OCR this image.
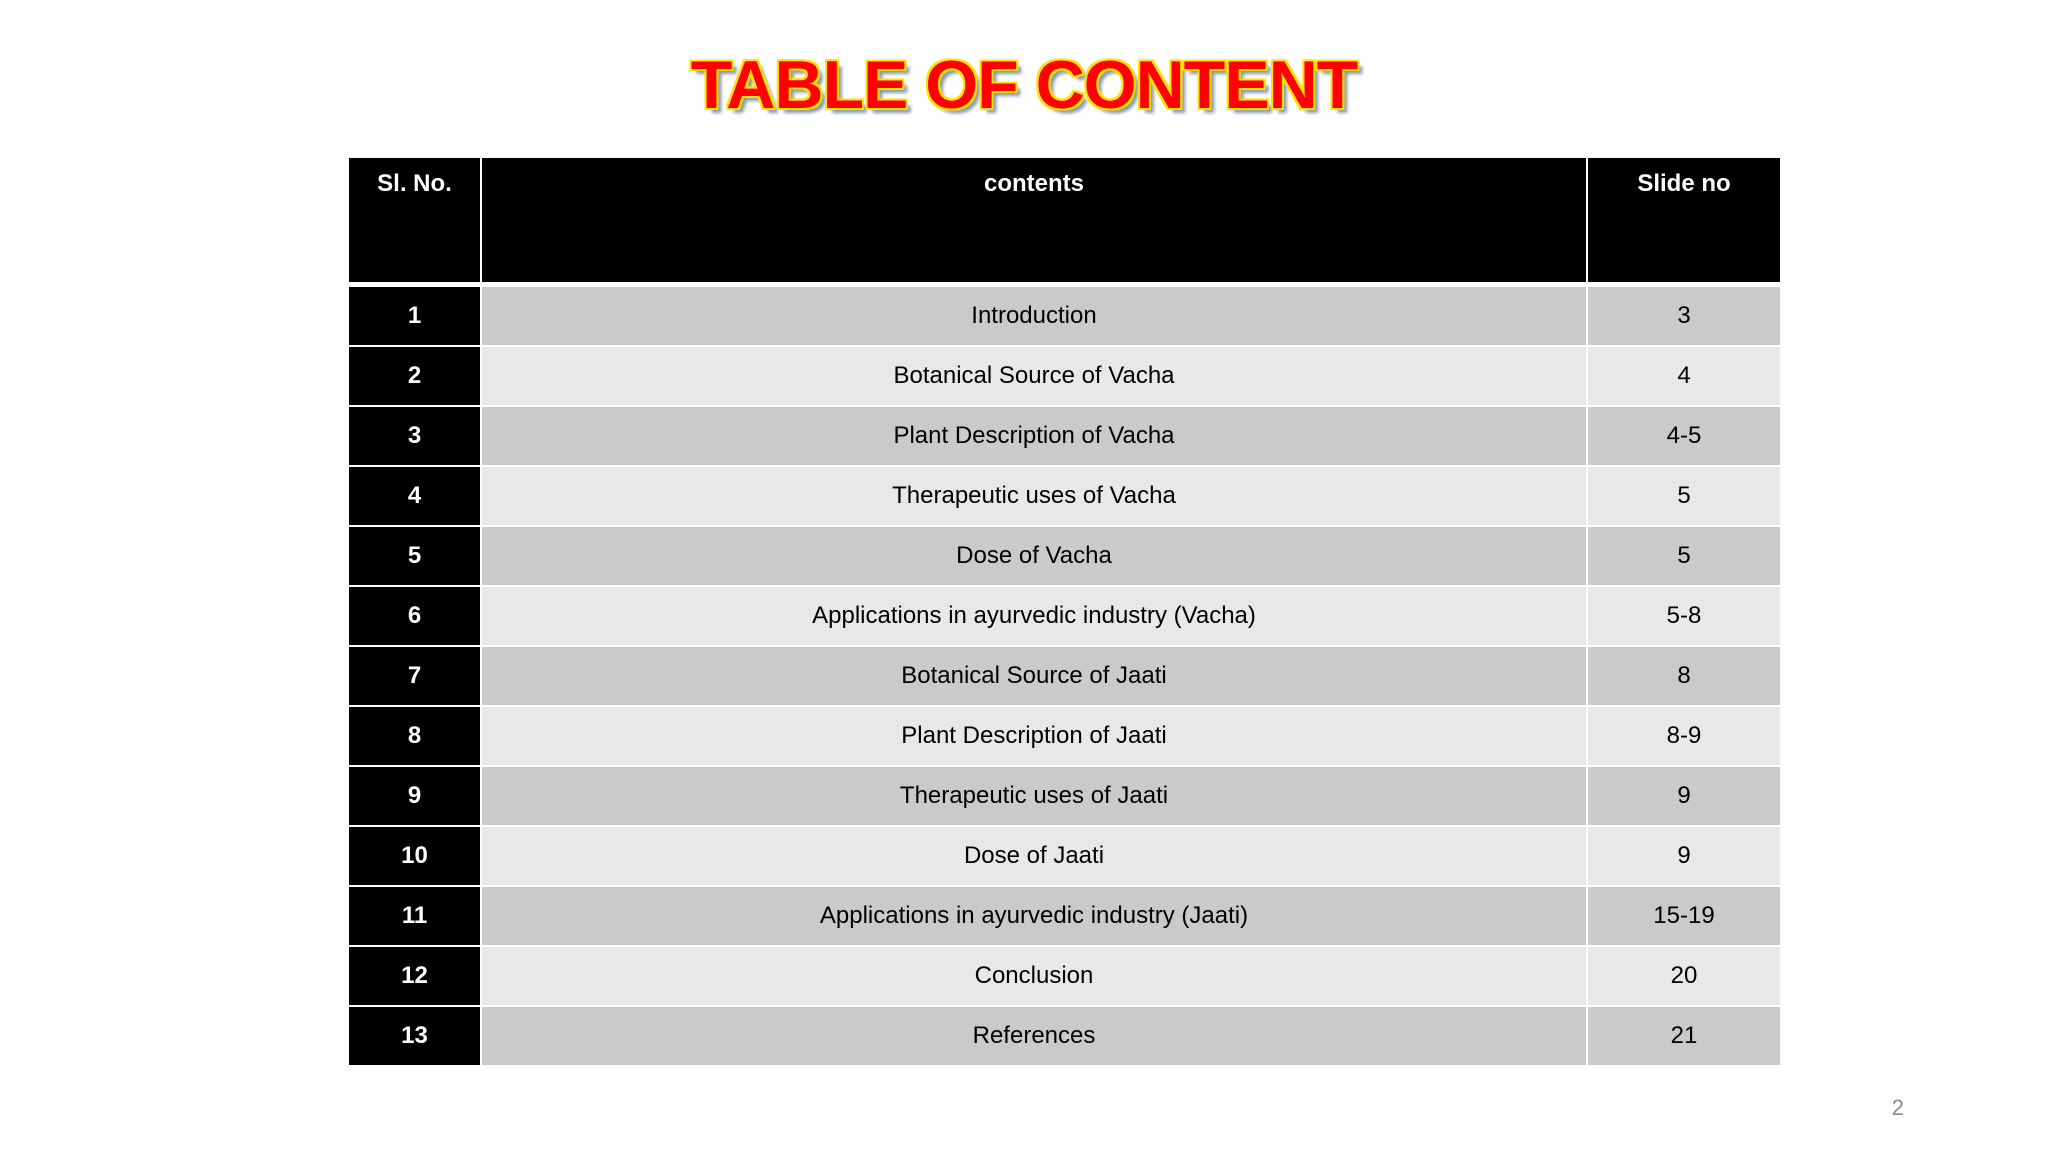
TABLE OF CONTENT
Sl. No.	contents	Slide no
1	Introduction	3
2	Botanical Source of Vacha	4
3	Plant Description of Vacha	4-5
4	Therapeutic uses of Vacha	5
5	Dose of Vacha	5
6	Applications in ayurvedic industry (Vacha)	5-8
7	Botanical Source of Jaati	8
8	Plant Description of Jaati	8-9
9	Therapeutic uses of Jaati	9
10	Dose of Jaati	9
11	Applications in ayurvedic industry (Jaati)	15-19
12	Conclusion	20
13	References	21
2
